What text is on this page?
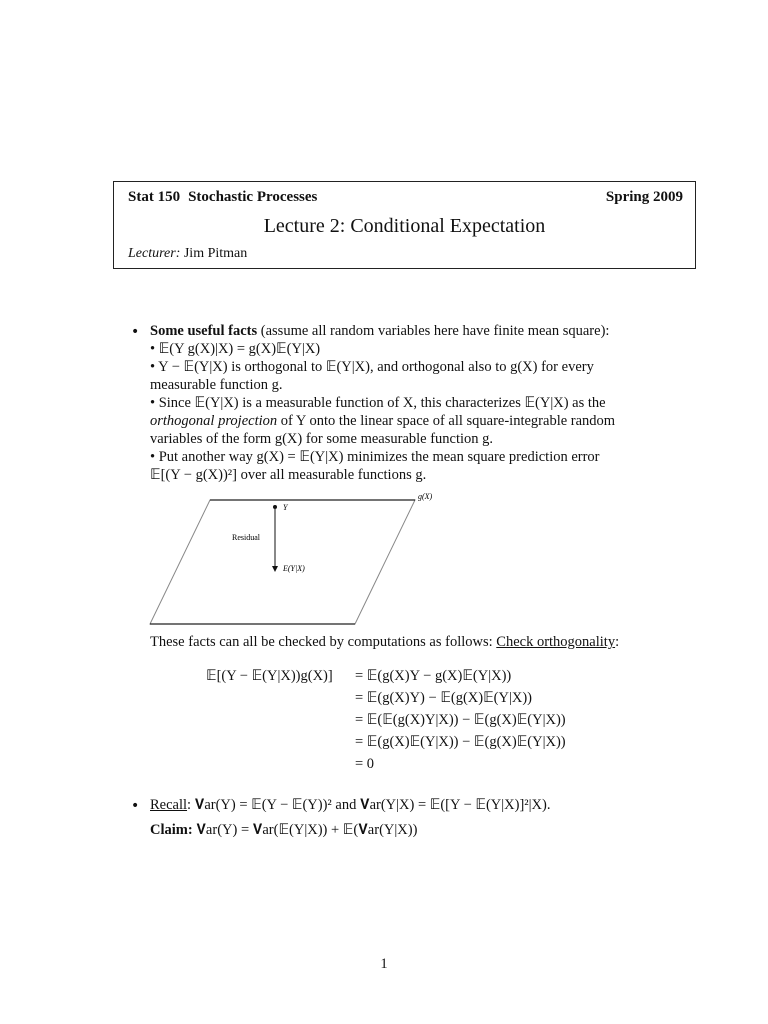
Stat 150 Stochastic Processes	Spring 2009
Lecture 2: Conditional Expectation
Lecturer: Jim Pitman
• Some useful facts (assume all random variables here have finite mean square):
• 𝔼(Y g(X)|X) = g(X)𝔼(Y|X)
• Y − 𝔼(Y|X) is orthogonal to 𝔼(Y|X), and orthogonal also to g(X) for every
measurable function g.
• Since 𝔼(Y|X) is a measurable function of X, this characterizes 𝔼(Y|X) as the
orthogonal projection of Y onto the linear space of all square-integrable random
variables of the form g(X) for some measurable function g.
• Put another way g(X) = 𝔼(Y|X) minimizes the mean square prediction error
𝔼[(Y − g(X))²] over all measurable functions g.
g(X)
Y
Residual
E(Y|X)
These facts can all be checked by computations as follows: Check orthogonality:
𝔼[(Y − 𝔼(Y|X))g(X)] = 𝔼(g(X)Y − g(X)𝔼(Y|X))
= 𝔼(g(X)Y) − 𝔼(g(X)𝔼(Y|X))
= 𝔼(𝔼(g(X)Y|X)) − 𝔼(g(X)𝔼(Y|X))
= 𝔼(g(X)𝔼(Y|X)) − 𝔼(g(X)𝔼(Y|X))
= 0
• Recall: 𝐕ar(Y) = 𝔼(Y − 𝔼(Y))² and 𝐕ar(Y|X) = 𝔼([Y − 𝔼(Y|X)]²|X).
Claim: 𝐕ar(Y) = 𝐕ar(𝔼(Y|X)) + 𝔼(𝐕ar(Y|X))
1
